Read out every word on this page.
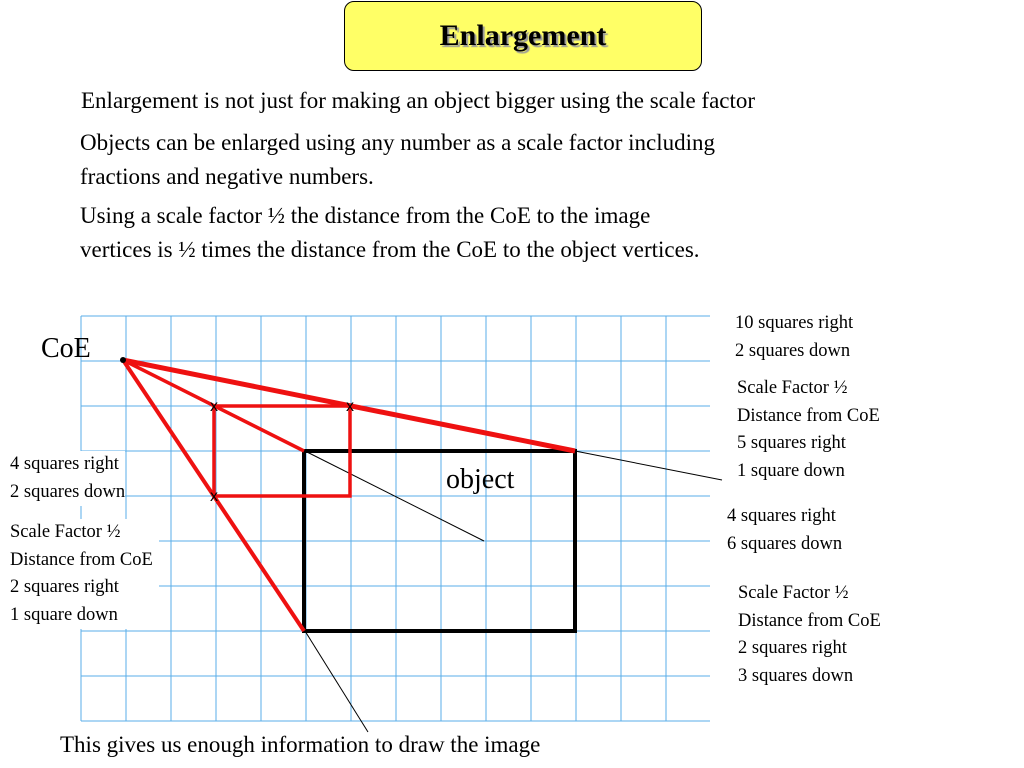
Enlargement
Enlargement is not just for making an object bigger using the scale factor
Objects can be enlarged using any number as a scale factor including
fractions and negative numbers.
Using a scale factor ½ the distance from the CoE to the image
vertices is ½ times the distance from the CoE to the object vertices.
x	x
x
CoE
object
10 squares right
2 squares down
Scale Factor ½
Distance from CoE
5 squares right
1 square down
4 squares right
2 squares down
Scale Factor ½
Distance from CoE
2 squares right
1 square down
4 squares right
6 squares down
Scale Factor ½
Distance from CoE
2 squares right
3 squares down
This gives us enough information to draw the image
